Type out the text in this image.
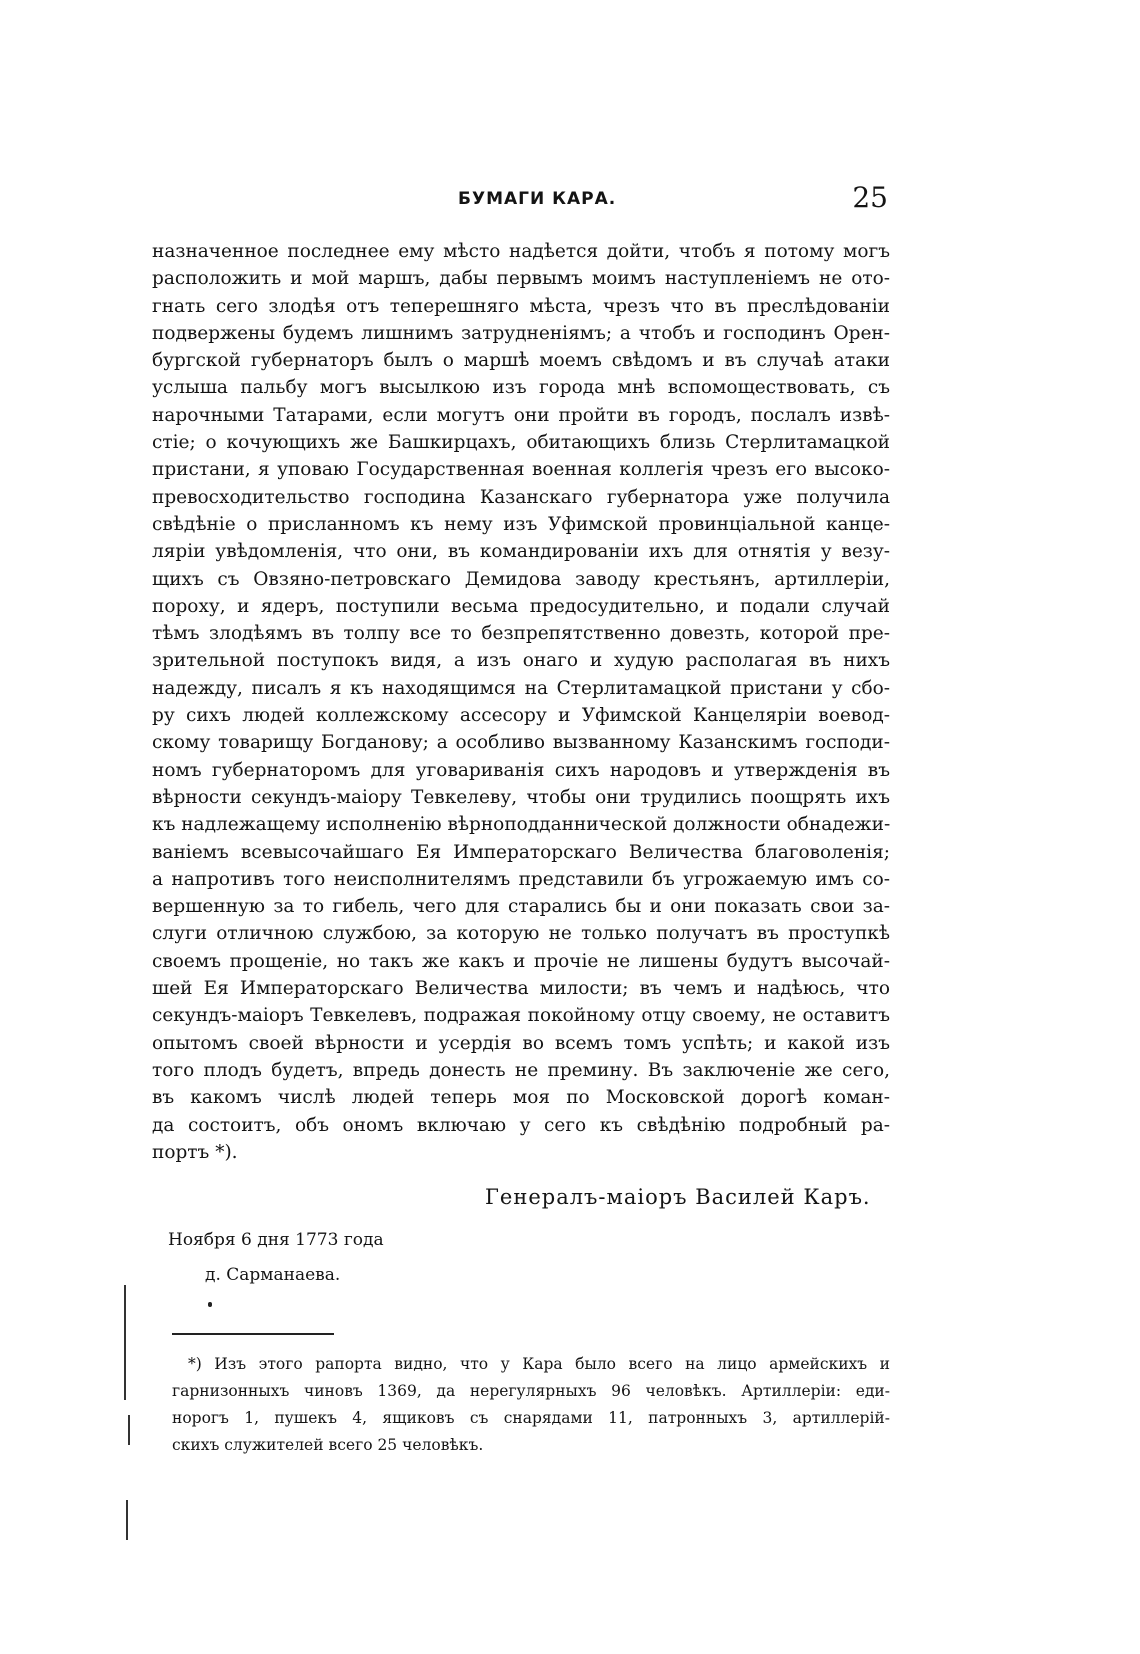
БУМАГИ КАРА.	25
назначенное последнее ему мѣсто надѣется дойти, чтобъ я потому могъ
расположить и мой маршъ, дабы первымъ моимъ наступленіемъ не ото-
гнать сего злодѣя отъ теперешняго мѣста, чрезъ что въ преслѣдованіи
подвержены будемъ лишнимъ затрудненіямъ; а чтобъ и господинъ Орен-
бургской губернаторъ былъ о маршѣ моемъ свѣдомъ и въ случаѣ атаки
услыша пальбу могъ высылкою изъ города мнѣ вспомоществовать, съ
нарочными Татарами, если могутъ они пройти въ городъ, послалъ извѣ-
стіе; о кочующихъ же Башкирцахъ, обитающихъ близь Стерлитамацкой
пристани, я уповаю Государственная военная коллегія чрезъ его высоко-
превосходительство господина Казанскаго губернатора уже получила
свѣдѣніе о присланномъ къ нему изъ Уфимской провинціальной канце-
ляріи увѣдомленія, что они, въ командированіи ихъ для отнятія у везу-
щихъ съ Овзяно-петровскаго Демидова заводу крестьянъ, артиллеріи,
пороху, и ядеръ, поступили весьма предосудительно, и подали случай
тѣмъ злодѣямъ въ толпу все то безпрепятственно довезть, которой пре-
зрительной поступокъ видя, а изъ онаго и худую располагая въ нихъ
надежду, писалъ я къ находящимся на Стерлитамацкой пристани у сбо-
ру сихъ людей коллежскому ассесору и Уфимской Канцеляріи воевод-
скому товарищу Богданову; а особливо вызванному Казанскимъ господи-
номъ губернаторомъ для уговариванія сихъ народовъ и утвержденія въ
вѣрности секундъ-маіору Тевкелеву, чтобы они трудились поощрять ихъ
къ надлежащему исполненію вѣрноподданнической должности обнадежи-
ваніемъ всевысочайшаго Ея Императорскаго Величества благоволенія;
а напротивъ того неисполнителямъ представили бъ угрожаемую имъ со-
вершенную за то гибель, чего для старались бы и они показать свои за-
слуги отличною службою, за которую не только получатъ въ проступкѣ
своемъ прощеніе, но такъ же какъ и прочіе не лишены будутъ высочай-
шей Ея Императорскаго Величества милости; въ чемъ и надѣюсь, что
секундъ-маіоръ Тевкелевъ, подражая покойному отцу своему, не оставитъ
опытомъ своей вѣрности и усердія во всемъ томъ успѣть; и какой изъ
того плодъ будетъ, впредь донесть не премину. Въ заключеніе же сего,
въ какомъ числѣ людей теперь моя по Московской дорогѣ коман-
да состоитъ, объ ономъ включаю у сего къ свѣдѣнію подробный ра-
портъ *).
Генералъ-маіоръ Василей Каръ.
Ноября 6 дня 1773 года
д. Сарманаева.
*) Изъ этого рапорта видно, что у Кара было всего на лицо армейскихъ и
гарнизонныхъ чиновъ 1369, да нерегулярныхъ 96 человѣкъ. Артиллеріи: еди-
норогъ 1, пушекъ 4, ящиковъ съ снарядами 11, патронныхъ 3, артиллерій-
скихъ служителей всего 25 человѣкъ.
